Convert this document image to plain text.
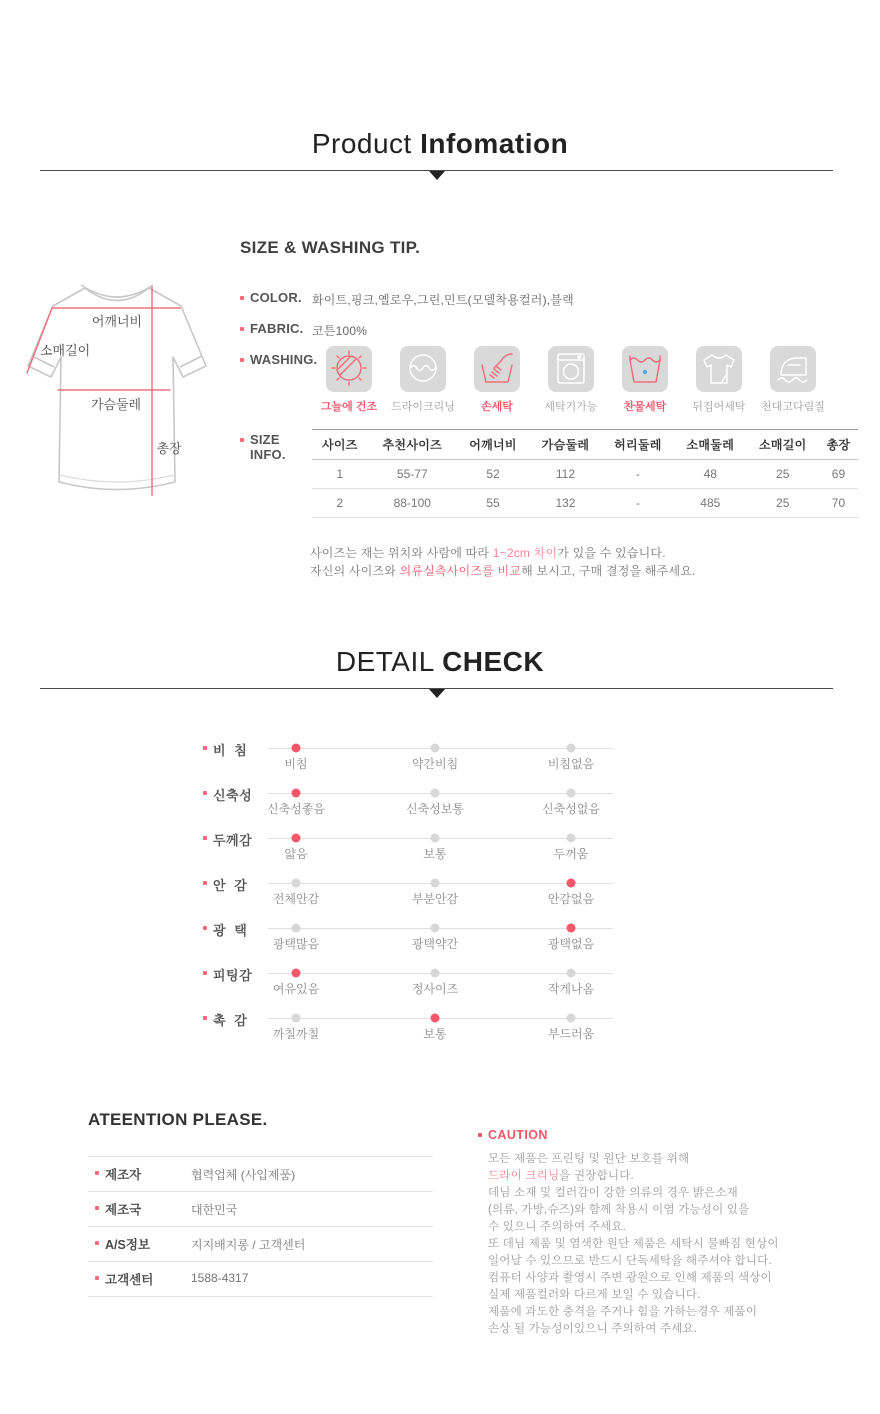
Product Infomation
어깨너비
소매길이
가슴둘레
총장
SIZE & WASHING TIP.
COLOR. 화이트,핑크,옐로우,그린,민트(모델착용컬러),블랙
FABRIC. 코튼100%
WASHING.
그늘에 건조 드라이크리닝 손세탁	세탁기가능 찬물세탁 뒤집어세탁 천대고다림질
SIZE INFO.
사이즈	추천사이즈	어깨너비	가슴둘레	허리둘레	소매둘레	소매길이	총장
1	55-77	52	112	-	48	25	69
2	88-100	55	132	-	485	25	70
사이즈는 재는 위치와 사람에 따라 1~2cm 차이가 있을 수 있습니다.
자신의 사이즈와 의류실측사이즈를 비교해 보시고, 구매 결정을 해주세요.
DETAIL CHECK
비  침
비침	약간비침	비침없음
신축성
신축성좋음	신축성보통	신축성없음
두께감
얇음	보통	두꺼움
안  감
전체안감	부분안감	안감없음
광  택
광택많음	광택약간	광택없음
피팅감
여유있음	정사이즈	작게나옴
촉  감
까칠까칠	보통	부드러움
ATEENTION PLEASE.
제조자	협력업체 (사입제품)
제조국	대한민국
A/S정보	지지배지롱 / 고객센터
고객센터	1588-4317
CAUTION
모든 제품은 프린팅 및 원단 보호를 위해
드라이 크리닝을 권장합니다.
데님 소재 및 컬러감이 강한 의류의 경우 밝은소재
(의류, 가방,슈즈)와 함께 착용시 이염 가능성이 있을
수 있으니 주의하여 주세요.
또 데님 제품 및 염색한 원단 제품은 세탁시 물빠짐 현상이
일어날 수 있으므로 반드시 단독세탁을 해주셔야 합니다.
컴퓨터 사양과 촬영시 주변 광원으로 인해 제품의 색상이
실제 제품컬러와 다르게 보일 수 있습니다.
제품에 과도한 충격을 주거나 힘을 가하는경우 제품이
손상 될 가능성이있으니 주의하여 주세요.
